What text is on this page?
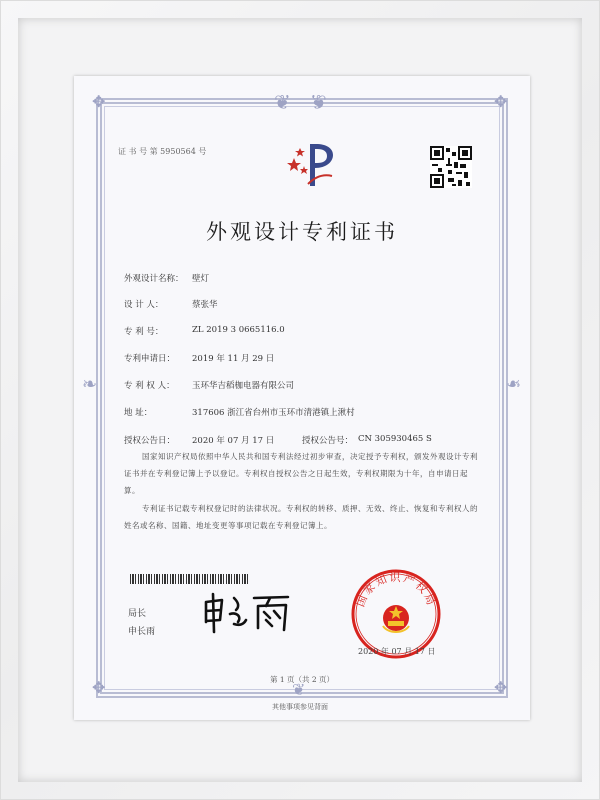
❦ ❦
✥	✥
✥	✥
❧	❧
❦
证 书 号 第 5950564 号
外观设计专利证书
外观设计名称： 壁灯
设 计 人：	蔡张华
专 利 号：	ZL 2019 3 0665116.0
专利申请日： 2019 年 11 月 29 日
专 利 权 人： 玉环华吉稻枷电器有限公司
地 址：	317606 浙江省台州市玉环市清港镇上湫村
授权公告日： 2020 年 07 月 17 日	授权公告号： CN 305930465 S
国家知识产权局依照中华人民共和国专利法经过初步审查，决定授予专利权，颁发外观设计专利证书并在专利登记簿上予以登记。专利权自授权公告之日起生效，专利权期限为十年，自申请日起算。
专利证书记载专利权登记时的法律状况。专利权的转移、质押、无效、终止、恢复和专利权人的姓名或名称、国籍、地址变更等事项记载在专利登记簿上。
局长
申长雨
国家知识产权局
2020 年 07 月 17 日
第 1 页（共 2 页）
其他事项参见背面
